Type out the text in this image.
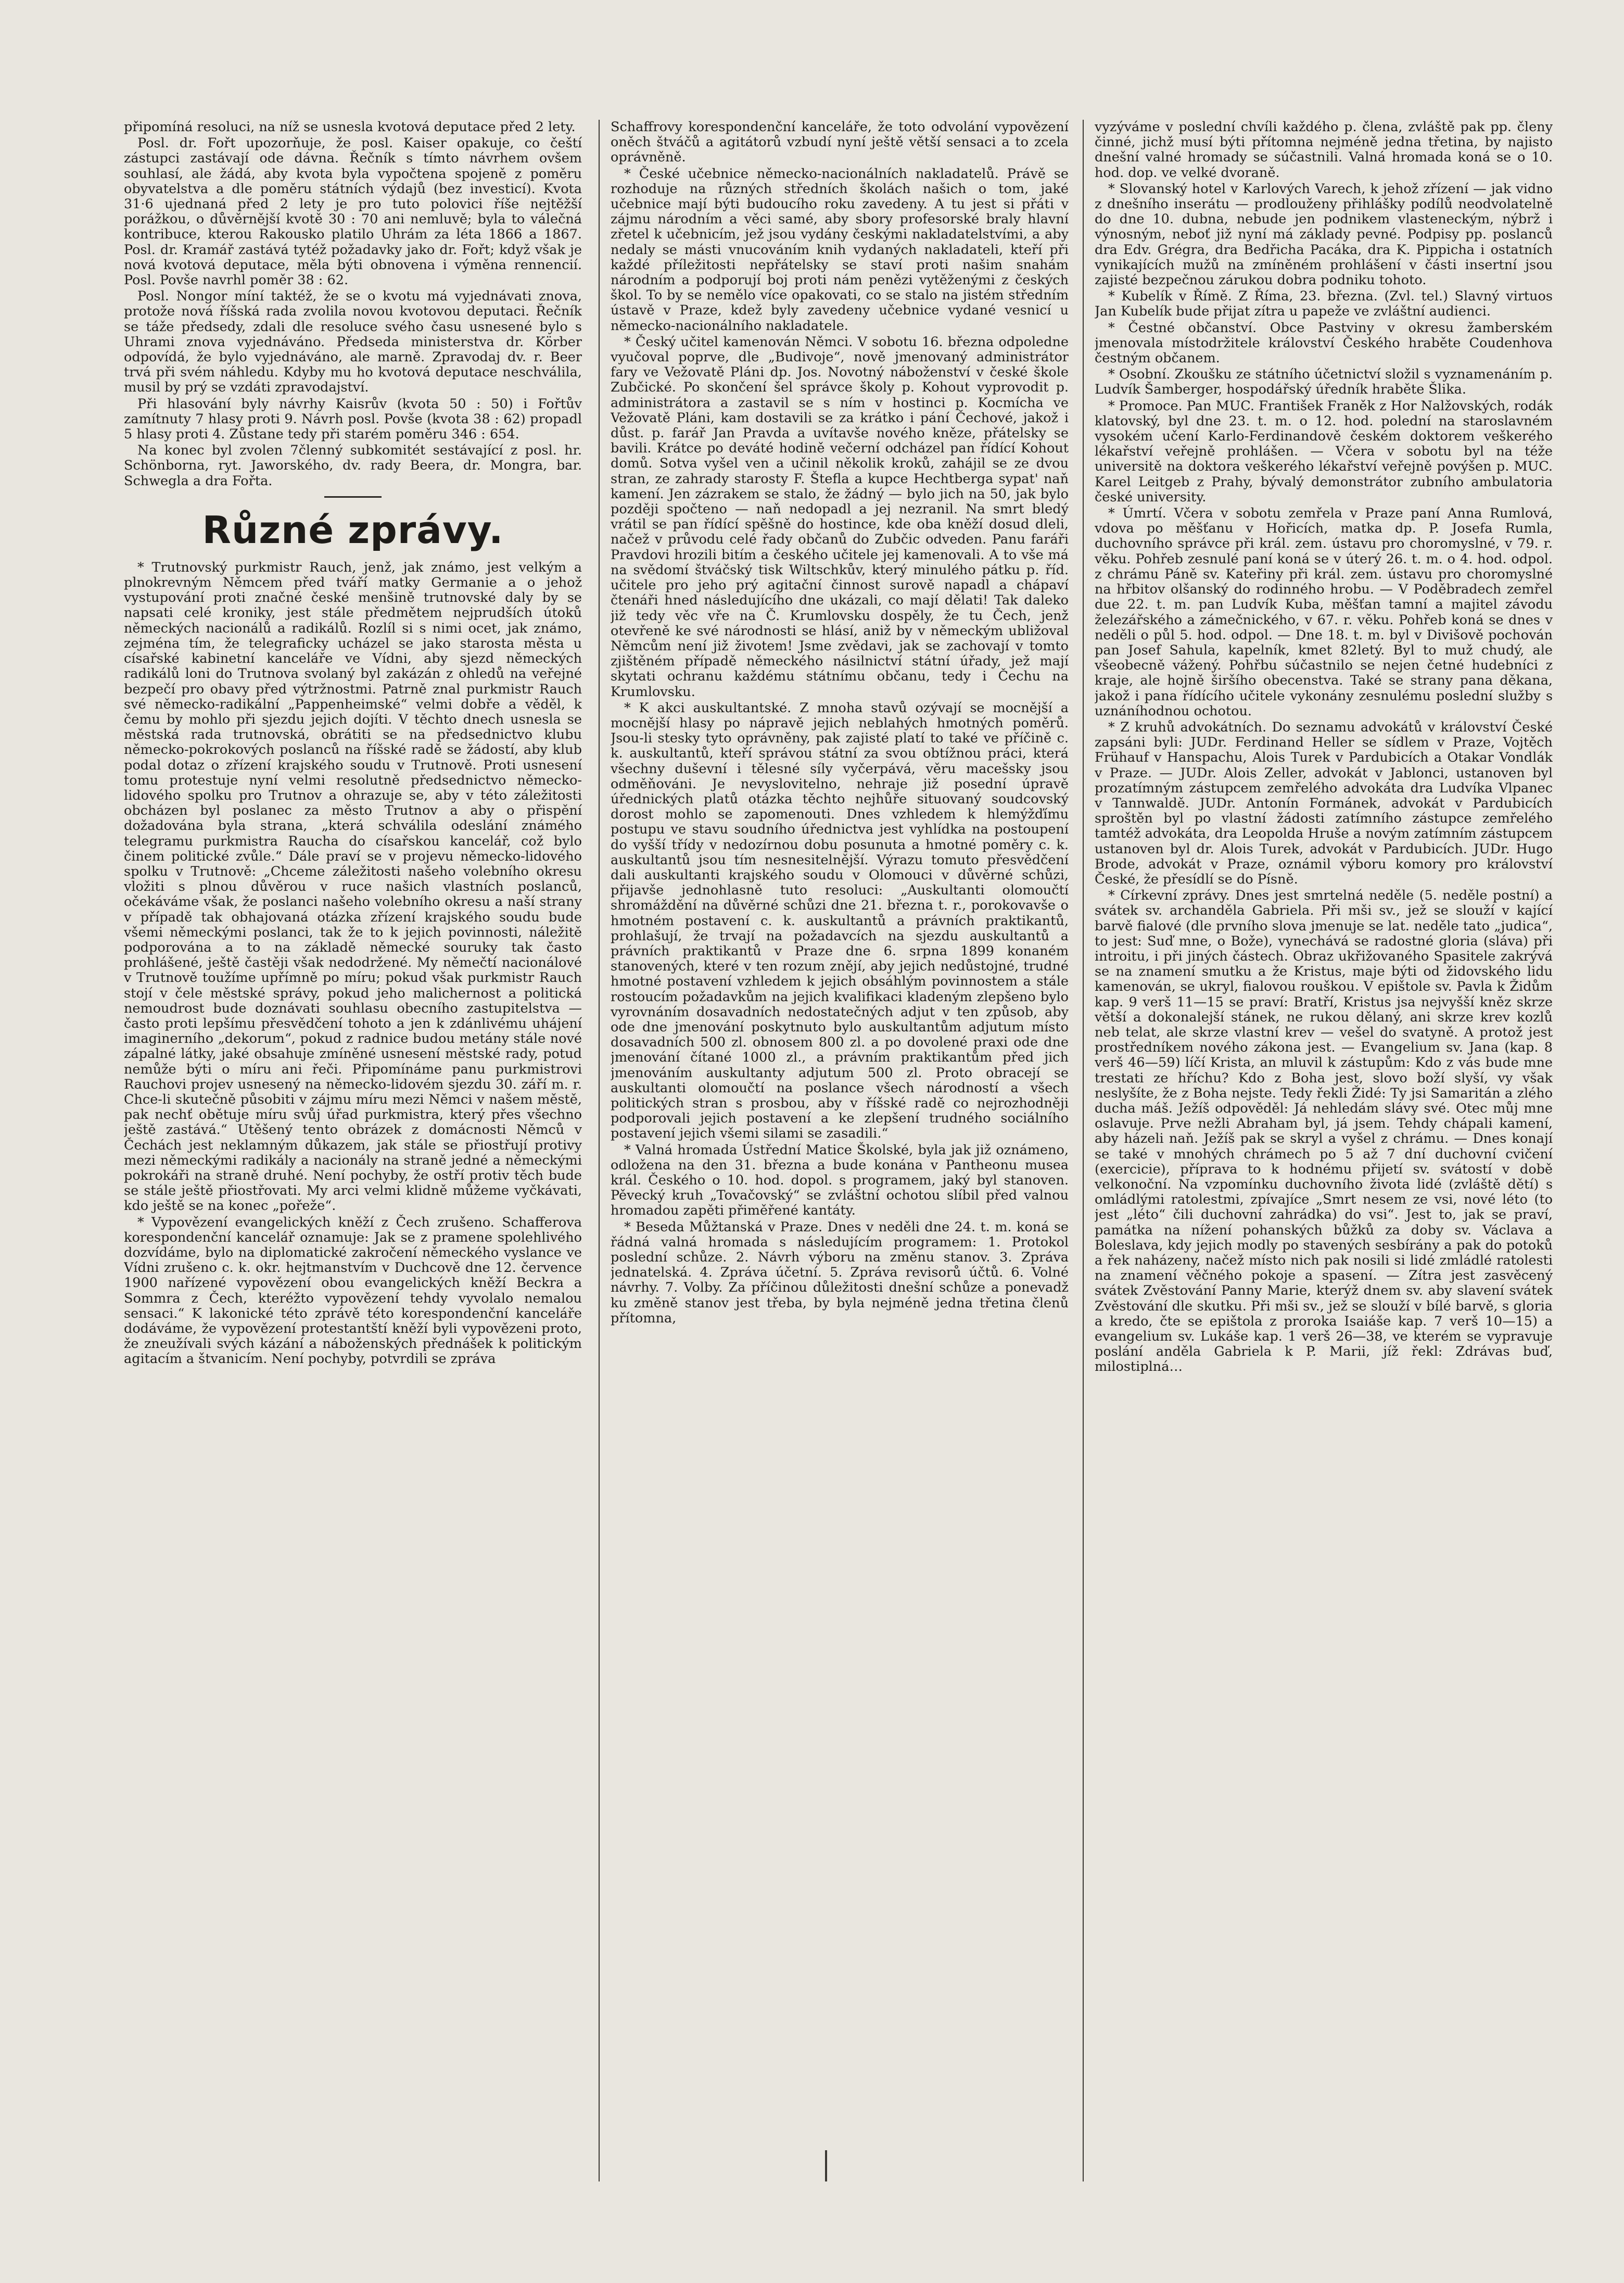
připomíná resoluci, na níž se usnesla kvotová deputace před 2 lety.

Posl. dr. Fořt upozorňuje, že posl. Kaiser opakuje, co čeští zástupci zastávají ode dávna. Řečník s tímto návrhem ovšem souhlasí, ale žádá, aby kvota byla vypočtena spojeně z poměru obyvatelstva a dle poměru státních výdajů (bez investicí). Kvota 31·6 ujednaná před 2 lety je pro tuto polovici říše nejtěžší porážkou, o důvěrnější kvotě 30 : 70 ani nemluvě; byla to válečná kontribuce, kterou Rakousko platilo Uhrám za léta 1866 a 1867. Posl. dr. Kramář zastává tytéž požadavky jako dr. Fořt; když však je nová kvotová deputace, měla býti obnovena i výměna rennencií. Posl. Povše navrhl poměr 38 : 62.

Posl. Nongor míní taktéž, že se o kvotu má vyjednávati znova, protože nová říšská rada zvolila novou kvotovou deputaci. Řečník se táže předsedy, zdali dle resoluce svého času usnesené bylo s Uhrami znova vyjednáváno. Předseda ministerstva dr. Körber odpovídá, že bylo vyjednáváno, ale marně. Zpravodaj dv. r. Beer trvá při svém náhledu. Kdyby mu ho kvotová deputace neschválila, musil by prý se vzdáti zpravodajství.

Při hlasování byly návrhy Kaisrův (kvota 50 : 50) i Fořtův zamítnuty 7 hlasy proti 9. Návrh posl. Povše (kvota 38 : 62) propadl 5 hlasy proti 4. Zůstane tedy při starém poměru 346 : 654.

Na konec byl zvolen 7členný subkomitét sestávající z posl. hr. Schönborna, ryt. Jaworského, dv. rady Beera, dr. Mongra, bar. Schwegla a dra Fořta.

Různé zprávy.

* Trutnovský purkmistr Rauch, jenž, jak známo, jest velkým a plnokrevným Němcem před tváří matky Germanie a o jehož vystupování proti značné české menšině trutnovské daly by se napsati celé kroniky, jest stále předmětem nejprudších útoků německých nacionálů a radikálů. Rozlíl si s nimi ocet, jak známo, zejména tím, že telegraficky ucházel se jako starosta města u císařské kabinetní kanceláře ve Vídni, aby sjezd německých radikálů loni do Trutnova svolaný byl zakázán z ohledů na veřejné bezpečí pro obavy před výtržnostmi. Patrně znal purkmistr Rauch své německo-radikální „Pappenheimské“ velmi dobře a věděl, k čemu by mohlo při sjezdu jejich dojíti. V těchto dnech usnesla se městská rada trutnovská, obrátiti se na předsednictvo klubu německo-pokrokových poslanců na říšské radě se žádostí, aby klub podal dotaz o zřízení krajského soudu v Trutnově. Proti usnesení tomu protestuje nyní velmi resolutně předsednictvo německo-lidového spolku pro Trutnov a ohrazuje se, aby v této záležitosti obcházen byl poslanec za město Trutnov a aby o přispění dožadována byla strana, „která schválila odeslání známého telegramu purkmistra Raucha do císařskou kancelář, což bylo činem politické zvůle.“ Dále praví se v projevu německo-lidového spolku v Trutnově: „Chceme záležitosti našeho volebního okresu vložiti s plnou důvěrou v ruce našich vlastních poslanců, očekáváme však, že poslanci našeho volebního okresu a naší strany v případě tak obhajovaná otázka zřízení krajského soudu bude všemi německými poslanci, tak že to k jejich povinnosti, náležitě podporována a to na základě německé souruky tak často prohlášené, ještě častěji však nedodržené. My němečtí nacionálové v Trutnově toužíme upřímně po míru; pokud však purkmistr Rauch stojí v čele městské správy, pokud jeho malichernost a politická nemoudrost bude doznávati souhlasu obecního zastupitelstva — často proti lepšímu přesvědčení tohoto a jen k zdánlivému uhájení imaginerního „dekorum“, pokud z radnice budou metány stále nové zápalné látky, jaké obsahuje zmíněné usnesení městské rady, potud nemůže býti o míru ani řeči. Připomínáme panu purkmistrovi Rauchovi projev usnesený na německo-lidovém sjezdu 30. září m. r. Chce-li skutečně působiti v zájmu míru mezi Němci v našem městě, pak nechť obětuje míru svůj úřad purkmistra, který přes všechno ještě zastává.“ Utěšený tento obrázek z domácnosti Němců v Čechách jest neklamným důkazem, jak stále se přiostřují protivy mezi německými radikály a nacionály na straně jedné a německými pokrokáři na straně druhé. Není pochyby, že ostří protiv těch bude se stále ještě přiostřovati. My arci velmi klidně můžeme vyčkávati, kdo ještě se na konec „pořeže“.

* Vypovězení evangelických kněží z Čech zrušeno. Schafferova korespondenční kancelář oznamuje: Jak se z pramene spolehlivého dozvídáme, bylo na diplomatické zakročení německého vyslance ve Vídni zrušeno c. k. okr. hejtmanstvím v Duchcově dne 12. července 1900 nařízené vypovězení obou evangelických kněží Beckra a Sommra z Čech, kteréžto vypovězení tehdy vyvolalo nemalou sensaci.“ K lakonické této zprávě této korespondenční kanceláře dodáváme, že vypovězení protestantští kněží byli vypovězeni proto, že zneužívali svých kázání a náboženských přednášek k politickým agitacím a štvanicím. Není pochyby, potvrdili se zpráva

Schaffrovy korespondenční kanceláře, že toto odvolání vypovězení oněch štváčů a agitátorů vzbudí nyní ještě větší sensaci a to zcela oprávněně.

* České učebnice německo-nacionálních nakladatelů. Právě se rozhoduje na různých středních školách našich o tom, jaké učebnice mají býti budoucího roku zavedeny. A tu jest si přáti v zájmu národním a věci samé, aby sbory profesorské braly hlavní zřetel k učebnicím, jež jsou vydány českými nakladatelstvími, a aby nedaly se másti vnucováním knih vydaných nakladateli, kteří při každé příležitosti nepřátelsky se staví proti našim snahám národním a podporují boj proti nám penězi vytěženými z českých škol. To by se nemělo více opakovati, co se stalo na jistém středním ústavě v Praze, kdež byly zavedeny učebnice vydané vesnicí u německo-nacionálního nakladatele.

* Český učitel kamenován Němci. V sobotu 16. března odpoledne vyučoval poprve, dle „Budivoje“, nově jmenovaný administrátor fary ve Vežovatě Pláni dp. Jos. Novotný náboženství v české škole Zubčické. Po skončení šel správce školy p. Kohout vyprovodit p. administrátora a zastavil se s ním v hostinci p. Kocmícha ve Vežovatě Pláni, kam dostavili se za krátko i pání Čechové, jakož i důst. p. farář Jan Pravda a uvítavše nového kněze, přátelsky se bavili. Krátce po deváté hodině večerní odcházel pan řídící Kohout domů. Sotva vyšel ven a učinil několik kroků, zahájil se ze dvou stran, ze zahrady starosty F. Štefla a kupce Hechtberga sypat' naň kamení. Jen zázrakem se stalo, že žádný — bylo jich na 50, jak bylo později spočteno — naň nedopadl a jej nezranil. Na smrt bledý vrátil se pan řídící spěšně do hostince, kde oba kněží dosud dleli, načež v průvodu celé řady občanů do Zubčic odveden. Panu faráři Pravdovi hrozili bitím a českého učitele jej kamenovali. A to vše má na svědomí štváčský tisk Wiltschkův, který minulého pátku p. říd. učitele pro jeho prý agitační činnost surově napadl a chápaví čtenáři hned následujícího dne ukázali, co mají dělati! Tak daleko již tedy věc vře na Č. Krumlovsku dospěly, že tu Čech, jenž otevřeně ke své národnosti se hlásí, aniž by v německým ubližoval Němcům není již životem! Jsme zvědavi, jak se zachovají v tomto zjištěném případě německého násilnictví státní úřady, jež mají skytati ochranu každému státnímu občanu, tedy i Čechu na Krumlovsku.

* K akci auskultantské. Z mnoha stavů ozývají se mocnější a mocnější hlasy po nápravě jejich neblahých hmotných poměrů. Jsou-li stesky tyto oprávněny, pak zajisté platí to také ve příčině c. k. auskultantů, kteří správou státní za svou obtížnou práci, která všechny duševní i tělesné síly vyčerpává, věru macešsky jsou odměňováni. Je nevyslovitelno, nehraje již posední úpravě úřednických platů otázka těchto nejhůře situovaný soudcovský dorost mohlo se zapomenouti. Dnes vzhledem k hlemýžďímu postupu ve stavu soudního úřednictva jest vyhlídka na postoupení do vyšší třídy v nedozírnou dobu posunuta a hmotné poměry c. k. auskultantů jsou tím nesnesitelnější. Výrazu tomuto přesvědčení dali auskultanti krajského soudu v Olomouci v důvěrné schůzi, přijavše jednohlasně tuto resoluci: „Auskultanti olomoučtí shromáždění na důvěrné schůzi dne 21. března t. r., porokovavše o hmotném postavení c. k. auskultantů a právních praktikantů, prohlašují, že trvají na požadavcích na sjezdu auskultantů a právních praktikantů v Praze dne 6. srpna 1899 konaném stanovených, které v ten rozum znějí, aby jejich nedůstojné, trudné hmotné postavení vzhledem k jejich obsáhlým povinnostem a stále rostoucím požadavkům na jejich kvalifikaci kladeným zlepšeno bylo vyrovnáním dosavadních nedostatečných adjut v ten způsob, aby ode dne jmenování poskytnuto bylo auskultantům adjutum místo dosavadních 500 zl. obnosem 800 zl. a po dovolené praxi ode dne jmenování čítané 1000 zl., a právním praktikantům před jich jmenováním auskultanty adjutum 500 zl. Proto obracejí se auskultanti olomoučtí na poslance všech národností a všech politických stran s prosbou, aby v říšské radě co nejrozhodněji podporovali jejich postavení a ke zlepšení trudného sociálního postavení jejich všemi silami se zasadili.“

* Valná hromada Ústřední Matice Školské, byla jak již oznámeno, odložena na den 31. března a bude konána v Pantheonu musea král. Českého o 10. hod. dopol. s programem, jaký byl stanoven. Pěvecký kruh „Tovačovský“ se zvláštní ochotou slíbil před valnou hromadou zapěti přiměřené kantáty.

* Beseda Můžtanská v Praze. Dnes v neděli dne 24. t. m. koná se řádná valná hromada s následujícím programem: 1. Protokol poslední schůze. 2. Návrh výboru na změnu stanov. 3. Zpráva jednatelská. 4. Zpráva účetní. 5. Zpráva revisorů účtů. 6. Volné návrhy. 7. Volby. Za příčinou důležitosti dnešní schůze a ponevadž ku změně stanov jest třeba, by byla nejméně jedna třetina členů přítomna,

vyzýváme v poslední chvíli každého p. člena, zvláště pak pp. členy činné, jichž musí býti přítomna nejméně jedna třetina, by najisto dnešní valné hromady se súčastnili. Valná hromada koná se o 10. hod. dop. ve velké dvoraně.

* Slovanský hotel v Karlových Varech, k jehož zřízení — jak vidno z dnešního inserátu — prodlouženy přihlášky podílů neodvolatelně do dne 10. dubna, nebude jen podnikem vlasteneckým, nýbrž i výnosným, neboť již nyní má základy pevné. Podpisy pp. poslanců dra Edv. Grégra, dra Bedřicha Pacáka, dra K. Pippicha i ostatních vynikajících mužů na zmíněném prohlášení v části insertní jsou zajisté bezpečnou zárukou dobra podniku tohoto.

* Kubelík v Římě. Z Říma, 23. března. (Zvl. tel.) Slavný virtuos Jan Kubelík bude přijat zítra u papeže ve zvláštní audienci.

* Čestné občanství. Obce Pastviny v okresu žamberském jmenovala místodržitele království Českého hraběte Coudenhova čestným občanem.

* Osobní. Zkoušku ze státního účetnictví složil s vyznamenáním p. Ludvík Šamberger, hospodářský úředník hraběte Šlika.

* Promoce. Pan MUC. František Franěk z Hor Nalžovských, rodák klatovský, byl dne 23. t. m. o 12. hod. polední na staroslavném vysokém učení Karlo-Ferdinandově českém doktorem veškerého lékařství veřejně prohlášen. — Včera v sobotu byl na téže universitě na doktora veškerého lékařství veřejně povýšen p. MUC. Karel Leitgeb z Prahy, bývalý demonstrátor zubního ambulatoria české university.

* Úmrtí. Včera v sobotu zemřela v Praze paní Anna Rumlová, vdova po měšťanu v Hořicích, matka dp. P. Josefa Rumla, duchovního správce při král. zem. ústavu pro choromyslné, v 79. r. věku. Pohřeb zesnulé paní koná se v úterý 26. t. m. o 4. hod. odpol. z chrámu Páně sv. Kateřiny při král. zem. ústavu pro choromyslné na hřbitov olšanský do rodinného hrobu. — V Poděbradech zemřel due 22. t. m. pan Ludvík Kuba, měšťan tamní a majitel závodu železářského a zámečnického, v 67. r. věku. Pohřeb koná se dnes v neděli o půl 5. hod. odpol. — Dne 18. t. m. byl v Divišově pochován pan Josef Sahula, kapelník, kmet 82letý. Byl to muž chudý, ale všeobecně vážený. Pohřbu súčastnilo se nejen četné hudebníci z kraje, ale hojně širšího obecenstva. Také se strany pana děkana, jakož i pana řídícího učitele vykonány zesnulému poslední služby s uznáníhodnou ochotou.

* Z kruhů advokátních. Do seznamu advokátů v království České zapsáni byli: JUDr. Ferdinand Heller se sídlem v Praze, Vojtěch Frühauf v Hanspachu, Alois Turek v Pardubicích a Otakar Vondlák v Praze. — JUDr. Alois Zeller, advokát v Jablonci, ustanoven byl prozatímným zástupcem zemřelého advokáta dra Ludvíka Vlpanec v Tannwaldě. JUDr. Antonín Formánek, advokát v Pardubicích sproštěn byl po vlastní žádosti zatímního zástupce zemřelého tamtéž advokáta, dra Leopolda Hruše a novým zatímním zástupcem ustanoven byl dr. Alois Turek, advokát v Pardubicích. JUDr. Hugo Brode, advokát v Praze, oznámil výboru komory pro království České, že přesídlí se do Písně.

* Církevní zprávy. Dnes jest smrtelná neděle (5. neděle postní) a svátek sv. archanděla Gabriela. Při mši sv., jež se slouží v kající barvě fialové (dle prvního slova jmenuje se lat. neděle tato „judica“, to jest: Suď mne, o Bože), vynechává se radostné gloria (sláva) při introitu, i při jiných částech. Obraz ukřižovaného Spasitele zakrývá se na znamení smutku a že Kristus, maje býti od židovského lidu kamenován, se ukryl, fialovou rouškou. V epištole sv. Pavla k Židům kap. 9 verš 11—15 se praví: Bratří, Kristus jsa nejvyšší kněz skrze větší a dokonalejší stánek, ne rukou dělaný, ani skrze krev kozlů neb telat, ale skrze vlastní krev — vešel do svatyně. A protož jest prostředníkem nového zákona jest. — Evangelium sv. Jana (kap. 8 verš 46—59) líčí Krista, an mluvil k zástupům: Kdo z vás bude mne trestati ze hříchu? Kdo z Boha jest, slovo boží slyší, vy však neslyšíte, že z Boha nejste. Tedy řekli Židé: Ty jsi Samaritán a zlého ducha máš. Ježíš odpověděl: Já nehledám slávy své. Otec můj mne oslavuje. Prve nežli Abraham byl, já jsem. Tehdy chápali kamení, aby házeli naň. Ježíš pak se skryl a vyšel z chrámu. — Dnes konají se také v mnohých chrámech po 5 až 7 dní duchovní cvičení (exercicie), příprava to k hodnému přijetí sv. svátostí v době velkonoční. Na vzpomínku duchovního života lidé (zvláště dětí) s omládlými ratolestmi, zpívajíce „Smrt nesem ze vsi, nové léto (to jest „léto“ čili duchovní zahrádka) do vsi“. Jest to, jak se praví, památka na nížení pohanských bůžků za doby sv. Václava a Boleslava, kdy jejich modly po stavených sesbírány a pak do potoků a řek naházeny, načež místo nich pak nosili si lidé zmládlé ratolesti na znamení věčného pokoje a spasení. — Zítra jest zasvěcený svátek Zvěstování Panny Marie, kterýž dnem sv. aby slavení svátek Zvěstování dle skutku. Při mši sv., jež se slouží v bílé barvě, s gloria a kredo, čte se epištola z proroka Isaiáše kap. 7 verš 10—15) a evangelium sv. Lukáše kap. 1 verš 26—38, ve kterém se vypravuje poslání anděla Gabriela k P. Marii, jíž řekl: Zdrávas buď, milostiplná…
